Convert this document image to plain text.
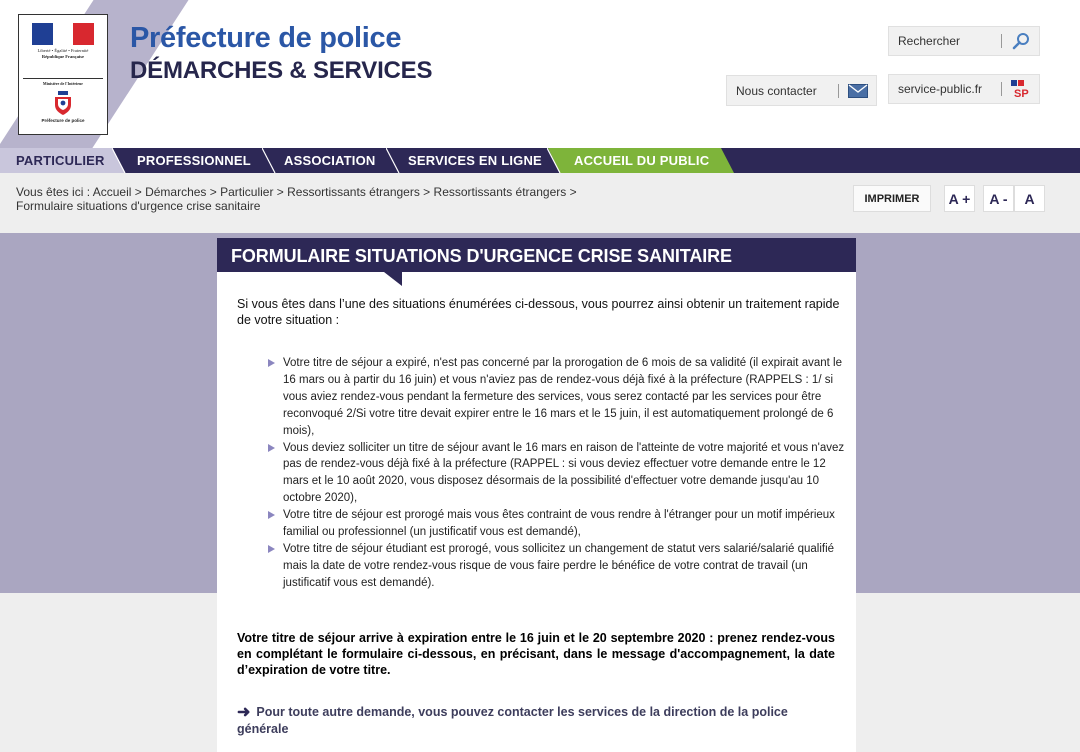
Liberté • Égalité • Fraternité
République Française
Ministère de l'Intérieur
Préfecture de police
Préfecture de police
DÉMARCHES & SERVICES
Rechercher
Nous contacter	service-public.fr	SP
PARTICULIER	PROFESSIONNEL	ASSOCIATION SERVICES EN LIGNE	ACCUEIL DU PUBLIC
Vous êtes ici : Accueil > Démarches > Particulier > Ressortissants étrangers > Ressortissants étrangers > Formulaire situations d'urgence crise sanitaire
IMPRIMER	A +	A -	A
FORMULAIRE SITUATIONS D'URGENCE CRISE SANITAIRE

Si vous êtes dans l’une des situations énumérées ci-dessous, vous pourrez ainsi obtenir un traitement rapide de votre situation :

Votre titre de séjour a expiré, n'est pas concerné par la prorogation de 6 mois de sa validité (il expirait avant le 16 mars ou à partir du 16 juin) et vous n'aviez pas de rendez-vous déjà fixé à la préfecture (RAPPELS : 1/ si vous aviez rendez-vous pendant la fermeture des services, vous serez contacté par les services pour être reconvoqué 2/Si votre titre devait expirer entre le 16 mars et le 15 juin, il est automatiquement prolongé de 6 mois),
Vous deviez solliciter un titre de séjour avant le 16 mars en raison de l'atteinte de votre majorité et vous n'avez pas de rendez-vous déjà fixé à la préfecture (RAPPEL : si vous deviez effectuer votre demande entre le 12 mars et le 10 août 2020, vous disposez désormais de la possibilité d'effectuer votre demande jusqu'au 10 octobre 2020),
Votre titre de séjour est prorogé mais vous êtes contraint de vous rendre à l'étranger pour un motif impérieux familial ou professionnel (un justificatif vous est demandé),
Votre titre de séjour étudiant est prorogé, vous sollicitez un changement de statut vers salarié/salarié qualifié mais la date de votre rendez-vous risque de vous faire perdre le bénéfice de votre contrat de travail (un justificatif vous est demandé).

Votre titre de séjour arrive à expiration entre le 16 juin et le 20 septembre 2020 : prenez rendez-vous en complétant le formulaire ci-dessous, en précisant, dans le message d'accompagnement, la date d’expiration de votre titre.

➜ Pour toute autre demande, vous pouvez contacter les services de la direction de la police générale
